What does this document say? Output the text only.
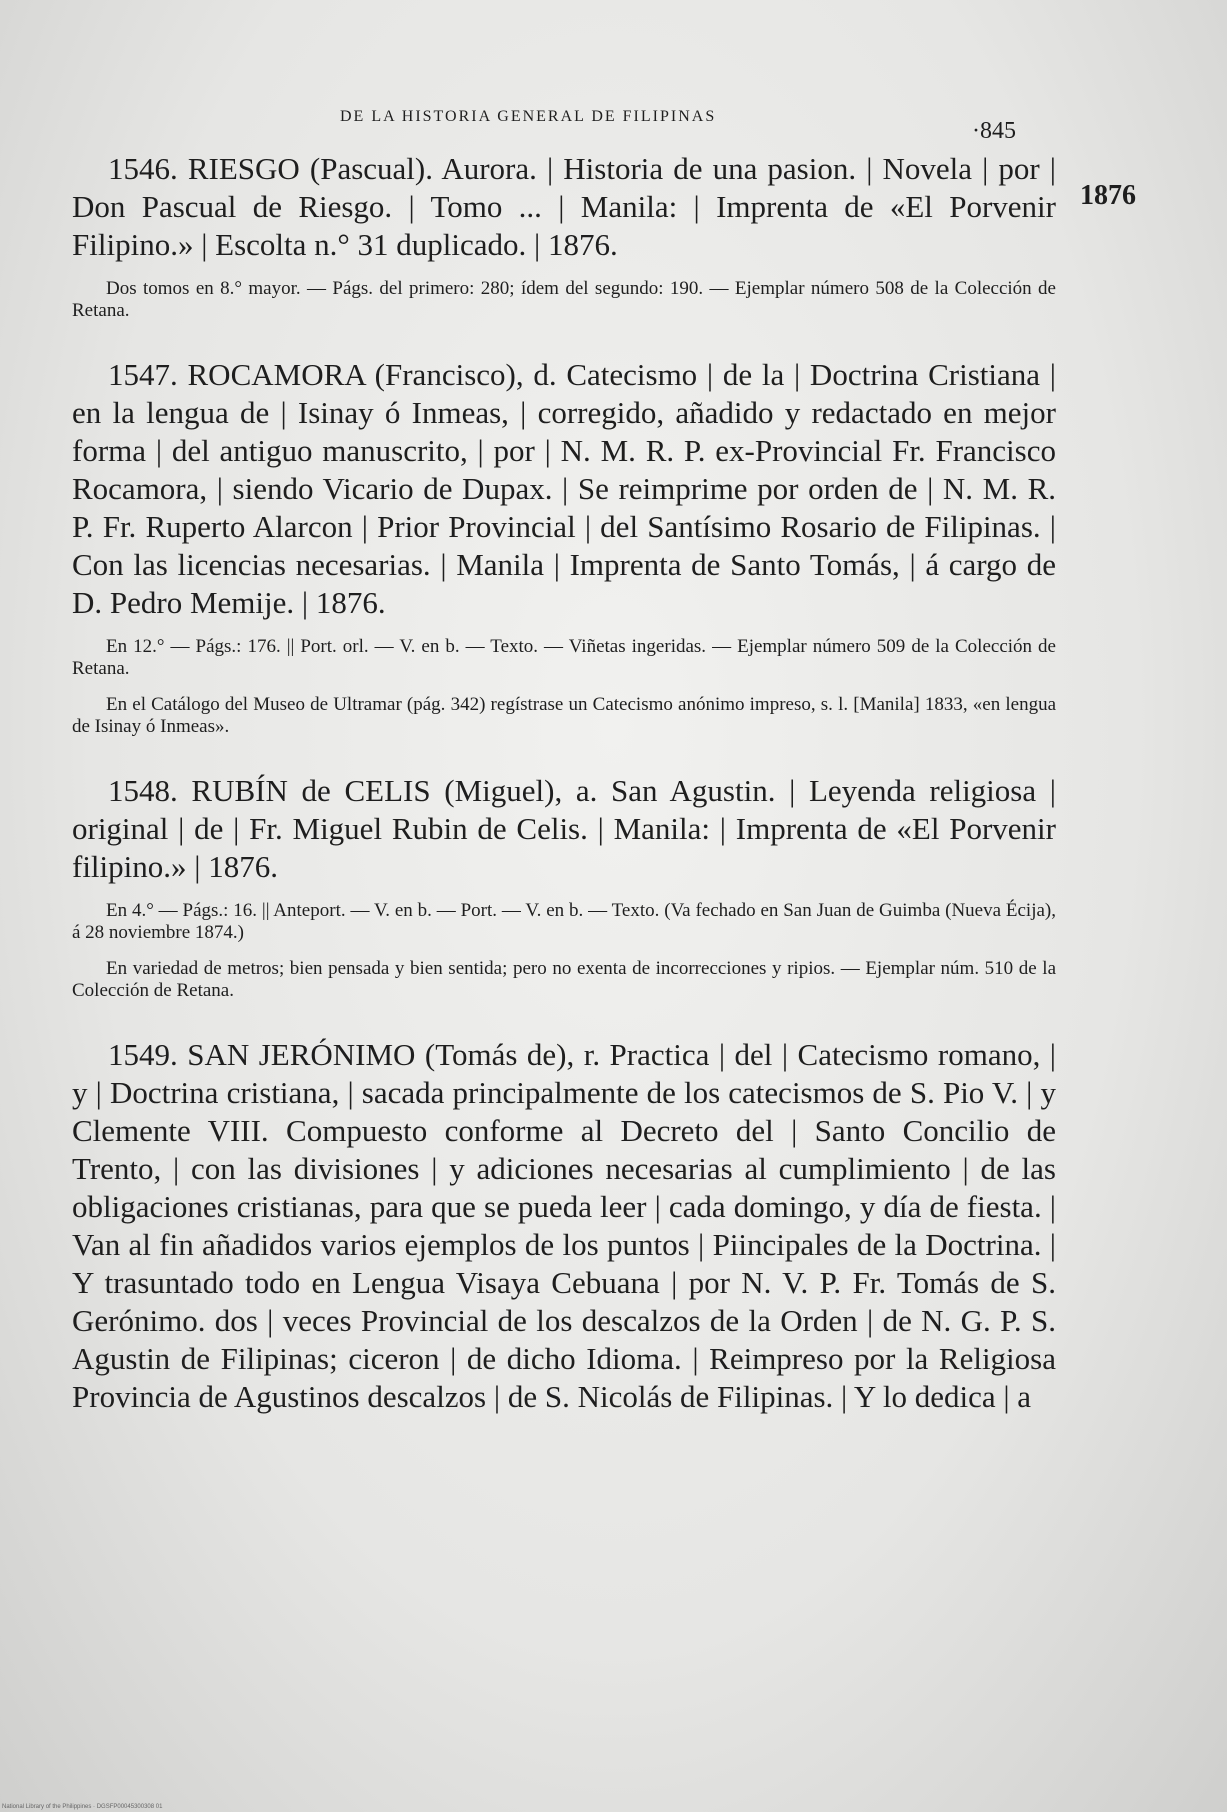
DE LA HISTORIA GENERAL DE FILIPINAS
·845
1876

1546. RIESGO (Pascual). Aurora. | Historia de una pasion. | Novela | por | Don Pascual de Riesgo. | Tomo ... | Manila: | Imprenta de «El Porvenir Filipino.» | Escolta n.° 31 duplicado. | 1876.

Dos tomos en 8.° mayor. — Págs. del primero: 280; ídem del segundo: 190. — Ejemplar número 508 de la Colección de Retana.

1547. ROCAMORA (Francisco), d. Catecismo | de la | Doctrina Cristiana | en la lengua de | Isinay ó Inmeas, | corregido, añadido y redactado en mejor forma | del antiguo manuscrito, | por | N. M. R. P. ex-Provincial Fr. Francisco Rocamora, | siendo Vicario de Dupax. | Se reimprime por orden de | N. M. R. P. Fr. Ruperto Alarcon | Prior Provincial | del Santísimo Rosario de Filipinas. | Con las licencias necesarias. | Manila | Imprenta de Santo Tomás, | á cargo de D. Pedro Memije. | 1876.

En 12.° — Págs.: 176. || Port. orl. — V. en b. — Texto. — Viñetas ingeridas. — Ejemplar número 509 de la Colección de Retana.

En el Catálogo del Museo de Ultramar (pág. 342) regístrase un Catecismo anónimo impreso, s. l. [Manila] 1833, «en lengua de Isinay ó Inmeas».

1548. RUBÍN de CELIS (Miguel), a. San Agustin. | Leyenda religiosa | original | de | Fr. Miguel Rubin de Celis. | Manila: | Imprenta de «El Porvenir filipino.» | 1876.

En 4.° — Págs.: 16. || Anteport. — V. en b. — Port. — V. en b. — Texto. (Va fechado en San Juan de Guimba (Nueva Écija), á 28 noviembre 1874.)

En variedad de metros; bien pensada y bien sentida; pero no exenta de incorrecciones y ripios. — Ejemplar núm. 510 de la Colección de Retana.

1549. SAN JERÓNIMO (Tomás de), r. Practica | del | Catecismo romano, | y | Doctrina cristiana, | sacada principalmente de los catecismos de S. Pio V. | y Clemente VIII. Compuesto conforme al Decreto del | Santo Concilio de Trento, | con las divisiones | y adiciones necesarias al cumplimiento | de las obligaciones cristianas, para que se pueda leer | cada domingo, y día de fiesta. | Van al fin añadidos varios ejemplos de los puntos | Piincipales de la Doctrina. | Y trasuntado todo en Lengua Visaya Cebuana | por N. V. P. Fr. Tomás de S. Gerónimo. dos | veces Provincial de los descalzos de la Orden | de N. G. P. S. Agustin de Filipinas; ciceron | de dicho Idioma. | Reimpreso por la Religiosa Provincia de Agustinos descalzos | de S. Nicolás de Filipinas. | Y lo dedica | a

National Library of the Philippines · DGSFP00045300308 01
